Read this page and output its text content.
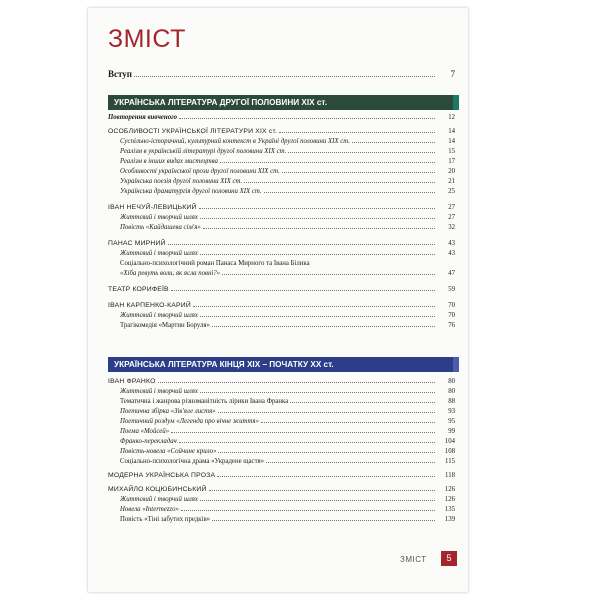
ЗМІСТ
Вступ	7
УКРАЇНСЬКА ЛІТЕРАТУРА ДРУГОЇ ПОЛОВИНИ XIX ст.
Повторення вивченого	12
ОСОБЛИВОСТІ УКРАЇНСЬКОЇ ЛІТЕРАТУРИ XIX ст.	14
Суспільно-історичний, культурний контекст в Україні другої половини XIX ст.	14
Реалізм в українській літературі другої половини XIX ст.	15
Реалізм в інших видах мистецтва	17
Особливості української прози другої половини XIX ст.	20
Українська поезія другої половини XIX ст.	21
Українська драматургія другої половини XIX ст.	25
ІВАН НЕЧУЙ-ЛЕВИЦЬКИЙ	27
Життєвий і творчий шлях	27
Повість «Кайдашева сім'я»	32
ПАНАС МИРНИЙ	43
Життєвий і творчий шлях	43
Соціально-психологічний роман Панаса Мирного та Івана Білика
«Хіба ревуть воли, як ясла повні?»	47
ТЕАТР КОРИФЕЇВ	59
ІВАН КАРПЕНКО-КАРИЙ	70
Життєвий і творчий шлях	70
Трагікомедія «Мартин Боруля»	76
УКРАЇНСЬКА ЛІТЕРАТУРА КІНЦЯ XIX – ПОЧАТКУ XX ст.
ІВАН ФРАНКО	80
Життєвий і творчий шлях	80
Тематична і жанрова різноманітність лірики Івана Франка	88
Поетична збірка «Зів'яле листя»	93
Поетичний роздум «Легенда про вічне життя»	95
Поема «Мойсей»	99
Франко-перекладач	104
Повість-новела «Сойчине крило»	108
Соціально-психологічна драма «Украдене щастя»	115
МОДЕРНА УКРАЇНСЬКА ПРОЗА	118
МИХАЙЛО КОЦЮБИНСЬКИЙ	126
Життєвий і творчий шлях	126
Новела «Intermezzo»	135
Повість «Тіні забутих предків»	139
ЗМІСТ	5
